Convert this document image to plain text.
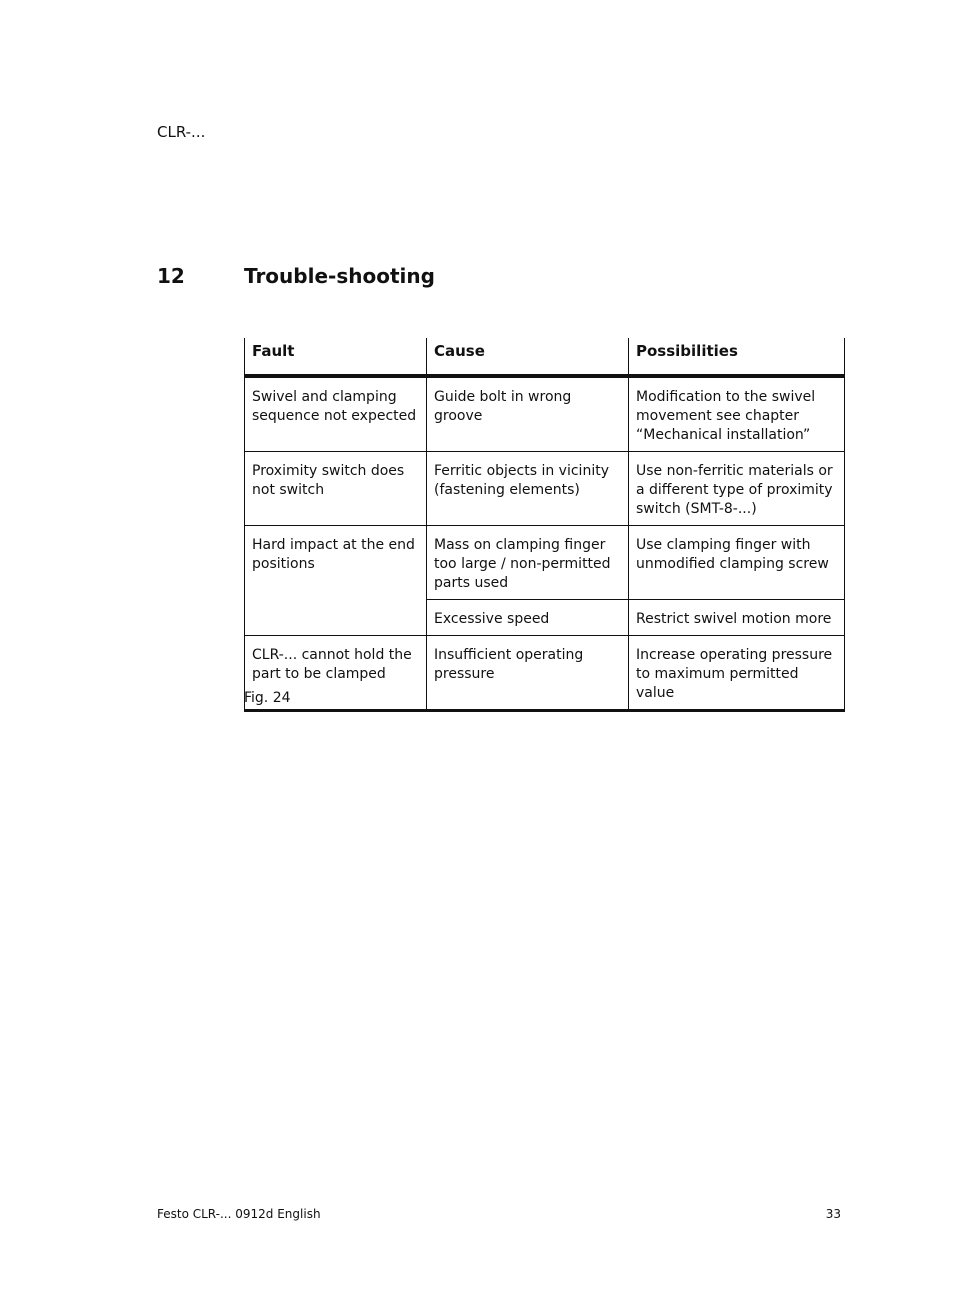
CLR-...
12	Trouble-shooting
Fault	Cause	Possibilities
Swivel and clamping sequence not expected	Guide bolt in wrong groove	Modification to the swivel movement see chapter “Mechanical installation”
Proximity switch does not switch	Ferritic objects in vicinity (fastening elements)	Use non-ferritic materials or a different type of proximity switch (SMT-8-...)
Hard impact at the end positions	Mass on clamping finger too large / non-permitted parts used	Use clamping finger with unmodified clamping screw
	Excessive speed	Restrict swivel motion more
CLR-... cannot hold the part to be clamped	Insufficient operating pressure	Increase operating pressure to maximum permitted value
Fig. 24
Festo CLR-... 0912d English	33
